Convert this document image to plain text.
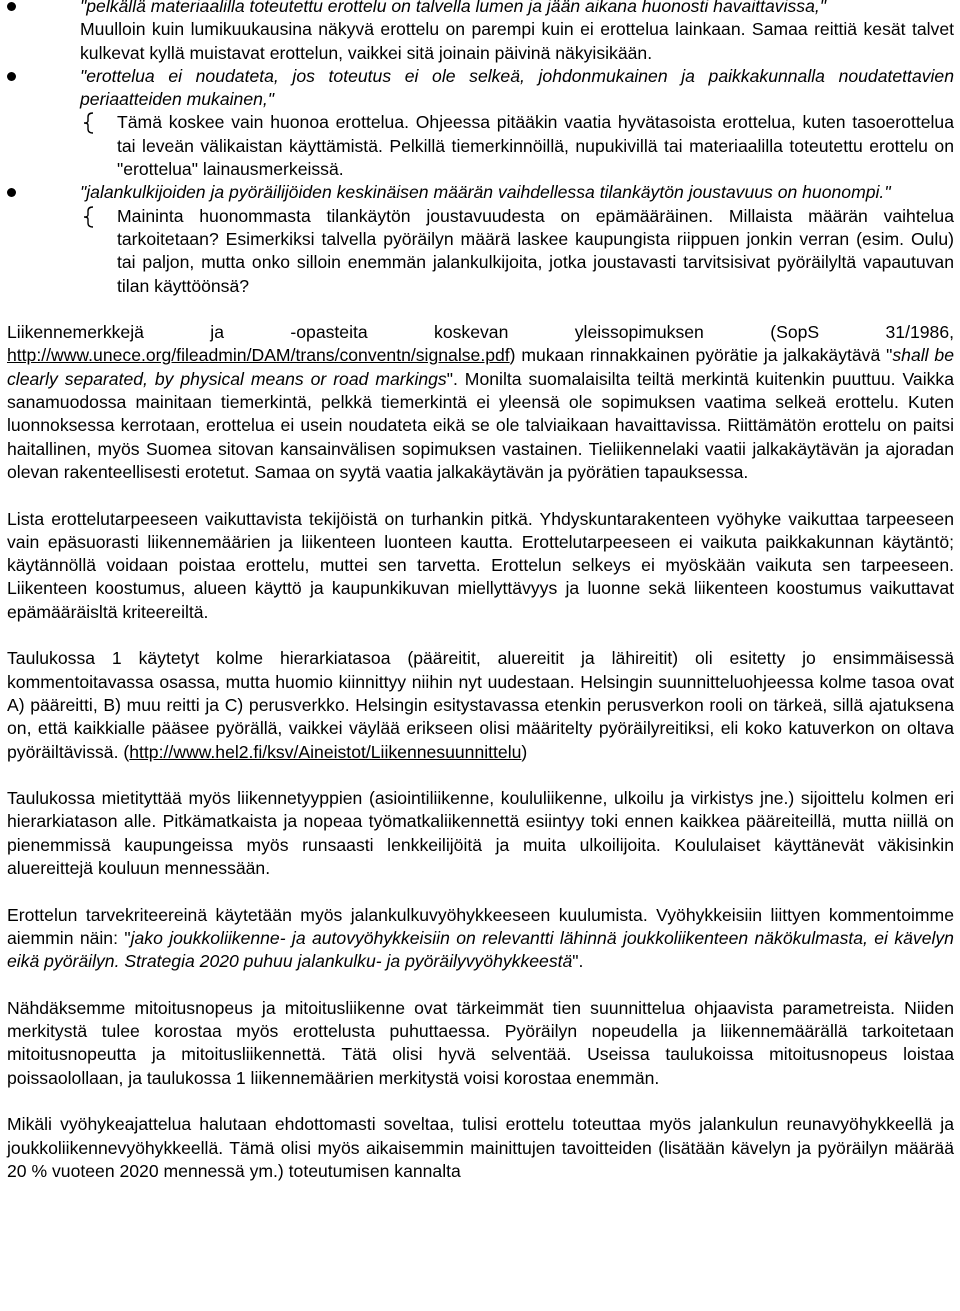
"pelkällä materiaalilla toteutettu erottelu on talvella lumen ja jään aikana huonosti havaittavissa,"

Muulloin kuin lumikuukausina näkyvä erottelu on parempi kuin ei erottelua lainkaan. Samaa reittiä kesät talvet kulkevat kyllä muistavat erottelun, vaikkei sitä joinain päivinä näkyisikään.

"erottelua ei noudateta, jos toteutus ei ole selkeä, johdonmukainen ja paikkakunnalla noudatettavien periaatteiden mukainen,"

Tämä koskee vain huonoa erottelua. Ohjeessa pitääkin vaatia hyvätasoista erottelua, kuten tasoerottelua tai leveän välikaistan käyttämistä. Pelkillä tiemerkinnöillä, nupukivillä tai materiaalilla toteutettu erottelu on "erottelua" lainausmerkeissä.

"jalankulkijoiden ja pyöräilijöiden keskinäisen määrän vaihdellessa tilankäytön joustavuus on huonompi."

Maininta huonommasta tilankäytön joustavuudesta on epämääräinen. Millaista määrän vaihtelua tarkoitetaan? Esimerkiksi talvella pyöräilyn määrä laskee kaupungista riippuen jonkin verran (esim. Oulu) tai paljon, mutta onko silloin enemmän jalankulkijoita, jotka joustavasti tarvitsisivat pyöräilyltä vapautuvan tilan käyttöönsä?

Liikennemerkkejä ja -opasteita koskevan yleissopimuksen (SopS 31/1986, http://www.unece.org/fileadmin/DAM/trans/conventn/signalse.pdf) mukaan rinnakkainen pyörätie ja jalkakäytävä "shall be clearly separated, by physical means or road markings". Monilta suomalaisilta teiltä merkintä kuitenkin puuttuu. Vaikka sanamuodossa mainitaan tiemerkintä, pelkkä tiemerkintä ei yleensä ole sopimuksen vaatima selkeä erottelu. Kuten luonnoksessa kerrotaan, erottelua ei usein noudateta eikä se ole talviaikaan havaittavissa. Riittämätön erottelu on paitsi haitallinen, myös Suomea sitovan kansainvälisen sopimuksen vastainen. Tieliikennelaki vaatii jalkakäytävän ja ajoradan olevan rakenteellisesti erotetut. Samaa on syytä vaatia jalkakäytävän ja pyörätien tapauksessa.

Lista erottelutarpeeseen vaikuttavista tekijöistä on turhankin pitkä. Yhdyskuntarakenteen vyöhyke vaikuttaa tarpeeseen vain epäsuorasti liikennemäärien ja liikenteen luonteen kautta. Erottelutarpeeseen ei vaikuta paikkakunnan käytäntö; käytännöllä voidaan poistaa erottelu, muttei sen tarvetta. Erottelun selkeys ei myöskään vaikuta sen tarpeeseen. Liikenteen koostumus, alueen käyttö ja kaupunkikuvan miellyttävyys ja luonne sekä liikenteen koostumus vaikuttavat epämääräisltä kriteereiltä.

Taulukossa 1 käytetyt kolme hierarkiatasoa (pääreitit, aluereitit ja lähireitit) oli esitetty jo ensimmäisessä kommentoitavassa osassa, mutta huomio kiinnittyy niihin nyt uudestaan. Helsingin suunnitteluohjeessa kolme tasoa ovat A) pääreitti, B) muu reitti ja C) perusverkko. Helsingin esitystavassa etenkin perusverkon rooli on tärkeä, sillä ajatuksena on, että kaikkialle pääsee pyörällä, vaikkei väylää erikseen olisi määritelty pyöräilyreitiksi, eli koko katuverkon on oltava pyöräiltävissä. (http://www.hel2.fi/ksv/Aineistot/Liikennesuunnittelu)

Taulukossa mietityttää myös liikennetyyppien (asiointiliikenne, koululiikenne, ulkoilu ja virkistys jne.) sijoittelu kolmen eri hierarkiatason alle. Pitkämatkaista ja nopeaa työmatkaliikennettä esiintyy toki ennen kaikkea pääreiteillä, mutta niillä on pienemmissä kaupungeissa myös runsaasti lenkkeilijöitä ja muita ulkoilijoita. Koululaiset käyttänevät väkisinkin aluereittejä kouluun mennessään.

Erottelun tarvekriteereinä käytetään myös jalankulkuvyöhykkeeseen kuulumista. Vyöhykkeisiin liittyen kommentoimme aiemmin näin: "jako joukkoliikenne- ja autovyöhykkeisiin on relevantti lähinnä joukkoliikenteen näkökulmasta, ei kävelyn eikä pyöräilyn. Strategia 2020 puhuu jalankulku- ja pyöräilyvyöhykkeestä".

Nähdäksemme mitoitusnopeus ja mitoitusliikenne ovat tärkeimmät tien suunnittelua ohjaavista parametreista. Niiden merkitystä tulee korostaa myös erottelusta puhuttaessa. Pyöräilyn nopeudella ja liikennemäärällä tarkoitetaan mitoitusnopeutta ja mitoitusliikennettä. Tätä olisi hyvä selventää. Useissa taulukoissa mitoitusnopeus loistaa poissaolollaan, ja taulukossa 1 liikennemäärien merkitystä voisi korostaa enemmän.

Mikäli vyöhykeajattelua halutaan ehdottomasti soveltaa, tulisi erottelu toteuttaa myös jalankulun reunavyöhykkeellä ja joukkoliikennevyöhykkeellä. Tämä olisi myös aikaisemmin mainittujen tavoitteiden (lisätään kävelyn ja pyöräilyn määrää 20 % vuoteen 2020 mennessä ym.) toteutumisen kannalta
